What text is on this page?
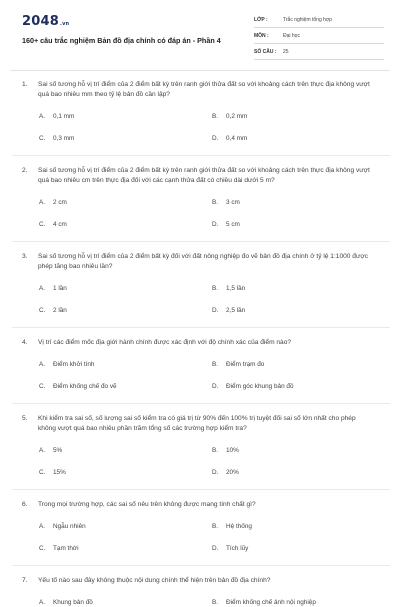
2048.vn
160+ câu trắc nghiệm Bản đồ địa chính có đáp án - Phần 4
LỚP :	Trắc nghiệm tổng hợp
MÔN :	Đại học
SỐ CÂU : 25
1.	Sai số tương hỗ vị trí điểm của 2 điểm bất kỳ trên ranh giới thửa đất so với khoảng cách trên thực địa không vượt quá bao nhiêu mm theo tỷ lệ bản đồ cần lập?
A.	0,1 mm	B.	0,2 mm
C.	0,3 mm	D.	0,4 mm
2.	Sai số tương hỗ vị trí điểm của 2 điểm bất kỳ trên ranh giới thửa đất so với khoảng cách trên thực địa không vượt quá bao nhiêu cm trên thực địa đối với các cạnh thửa đất có chiều dài dưới 5 m?
A.	2 cm	B.	3 cm
C.	4 cm	D.	5 cm
3.	Sai số tương hỗ vị trí điểm của 2 điểm bất kỳ đối với đất nông nghiệp đo vẽ bản đồ địa chính ở tỷ lệ 1:1000 được phép tăng bao nhiêu lần?
A.	1 lần	B.	1,5 lần
C.	2 lần	D.	2,5 lần
4.	Vị trí các điểm mốc địa giới hành chính được xác định với độ chính xác của điểm nào?
A.	Điểm khởi tính	B.	Điểm trạm đo
C.	Điểm khống chế đo vẽ	D.	Điểm góc khung bản đồ
5.	Khi kiểm tra sai số, số lượng sai số kiểm tra có giá trị từ 90% đến 100% trị tuyệt đối sai số lớn nhất cho phép không vượt quá bao nhiêu phần trăm tổng số các trường hợp kiểm tra?
A.	5%	B.	10%
C.	15%	D.	20%
6.	Trong mọi trường hợp, các sai số nêu trên không được mang tính chất gì?
A.	Ngẫu nhiên	B.	Hệ thống
C.	Tạm thời	D.	Tích lũy
7.	Yếu tố nào sau đây không thuộc nội dung chính thể hiện trên bản đồ địa chính?
A.	Khung bản đồ	B.	Điểm khống chế ảnh nội nghiệp
